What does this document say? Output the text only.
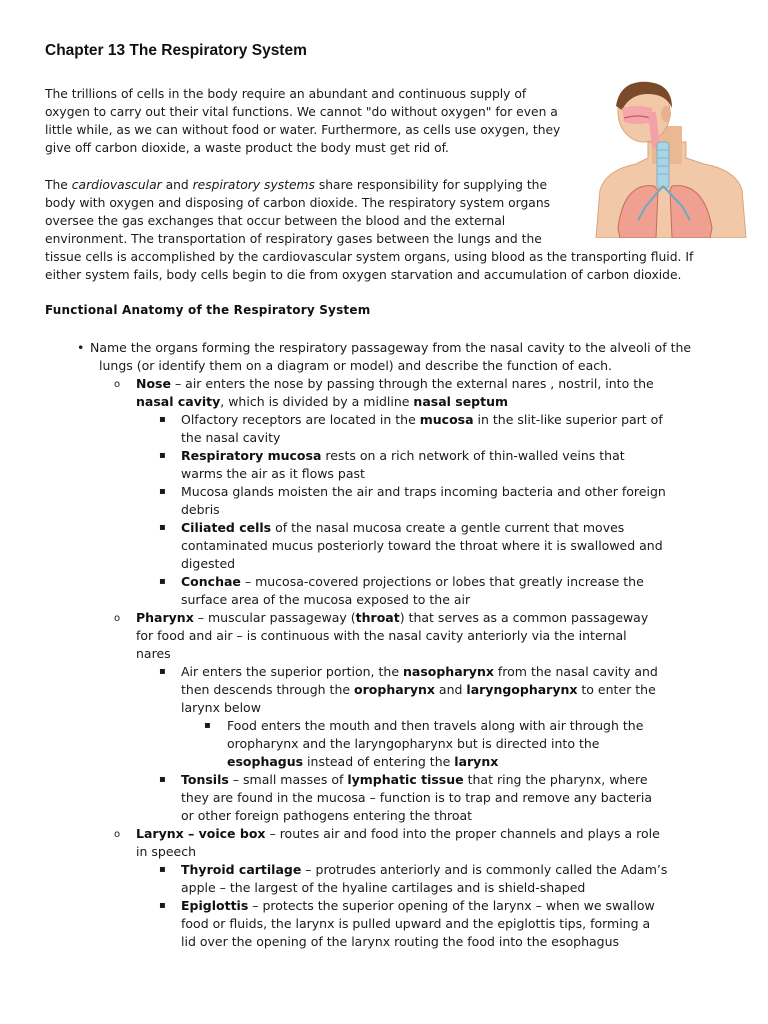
Chapter 13 The Respiratory System

The trillions of cells in the body require an abundant and continuous supply of
oxygen to carry out their vital functions. We cannot "do without oxygen" for even a
little while, as we can without food or water. Furthermore, as cells use oxygen, they
give off carbon dioxide, a waste product the body must get rid of.

The cardiovascular and respiratory systems share responsibility for supplying the
body with oxygen and disposing of carbon dioxide. The respiratory system organs
oversee the gas exchanges that occur between the blood and the external
environment. The transportation of respiratory gases between the lungs and the
tissue cells is accomplished by the cardiovascular system organs, using blood as the transporting fluid. If
either system fails, body cells begin to die from oxygen starvation and accumulation of carbon dioxide.

Functional Anatomy of the Respiratory System
• Name the organs forming the respiratory passageway from the nasal cavity to the alveoli of the
lungs (or identify them on a diagram or model) and describe the function of each.
o Nose – air enters the nose by passing through the external nares , nostril, into the
nasal cavity, which is divided by a midline nasal septum
▪ Olfactory receptors are located in the mucosa in the slit-like superior part of
the nasal cavity
▪ Respiratory mucosa rests on a rich network of thin-walled veins that
warms the air as it flows past
▪ Mucosa glands moisten the air and traps incoming bacteria and other foreign
debris
▪ Ciliated cells of the nasal mucosa create a gentle current that moves
contaminated mucus posteriorly toward the throat where it is swallowed and
digested
▪ Conchae – mucosa-covered projections or lobes that greatly increase the
surface area of the mucosa exposed to the air
o Pharynx – muscular passageway (throat) that serves as a common passageway
for food and air – is continuous with the nasal cavity anteriorly via the internal
nares
▪ Air enters the superior portion, the nasopharynx from the nasal cavity and
then descends through the oropharynx and laryngopharynx to enter the
larynx below
▪ Food enters the mouth and then travels along with air through the
oropharynx and the laryngopharynx but is directed into the
esophagus instead of entering the larynx
▪ Tonsils – small masses of lymphatic tissue that ring the pharynx, where
they are found in the mucosa – function is to trap and remove any bacteria
or other foreign pathogens entering the throat
o Larynx – voice box – routes air and food into the proper channels and plays a role
in speech
▪ Thyroid cartilage – protrudes anteriorly and is commonly called the Adam’s
apple – the largest of the hyaline cartilages and is shield-shaped
▪ Epiglottis – protects the superior opening of the larynx – when we swallow
food or fluids, the larynx is pulled upward and the epiglottis tips, forming a
lid over the opening of the larynx routing the food into the esophagus
